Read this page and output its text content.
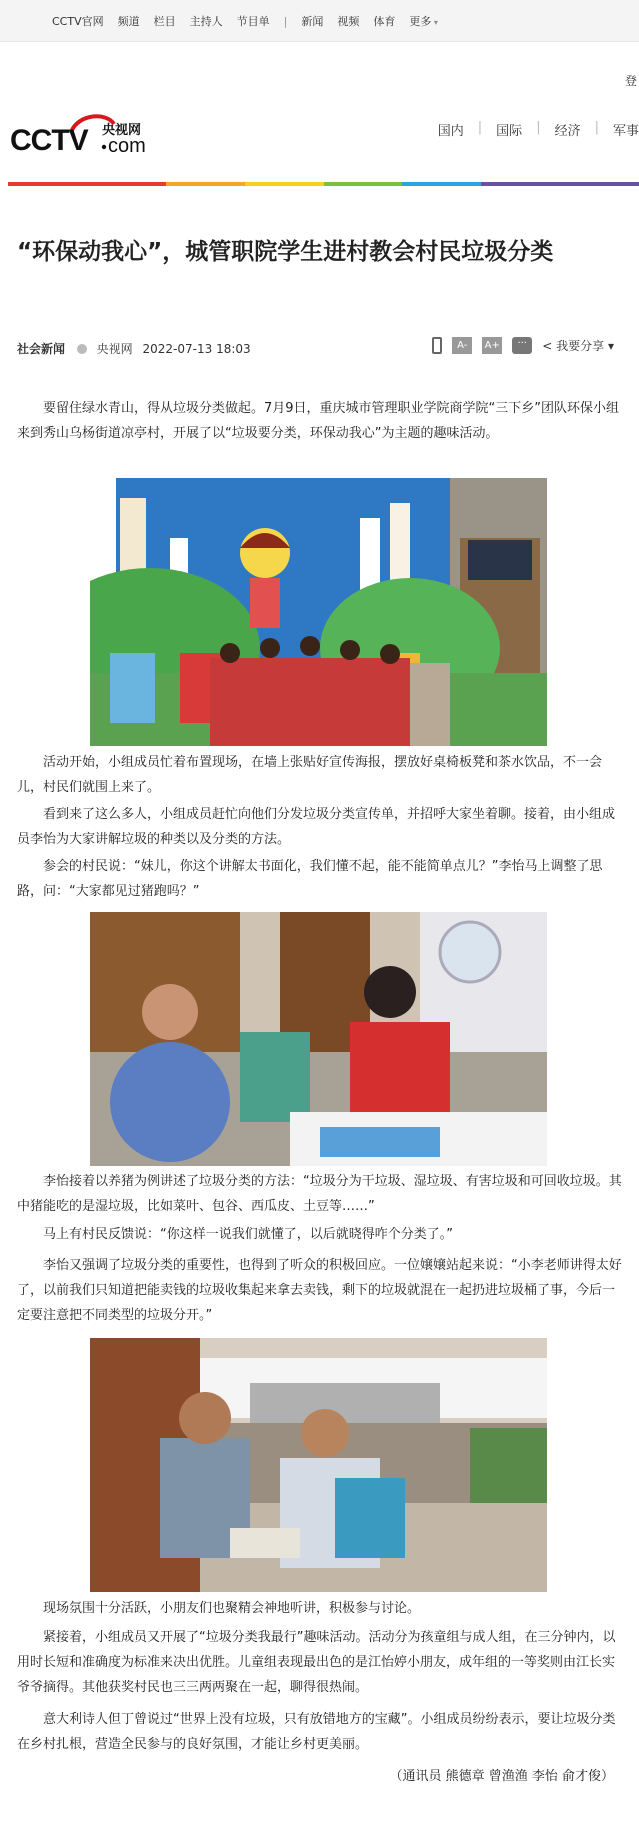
CCTV官网 频道 栏目 主持人 节目单 | 新闻 视频 体育 更多 ▾
登
CCTV 央视网
com
国内 | 国际 | 经济 | 军事
“环保动我心”，城管职院学生进村教会村民垃圾分类
社会新闻	央视网 2022-07-13 18:03	A-	A+	···	< 我要分享 ▾

要留住绿水青山，得从垃圾分类做起。7月9日，重庆城市管理职业学院商学院“三下乡”团队环保小组来到秀山乌杨街道凉亭村，开展了以“垃圾要分类，环保动我心”为主题的趣味活动。

活动开始，小组成员忙着布置现场，在墙上张贴好宣传海报，摆放好桌椅板凳和茶水饮品，不一会儿，村民们就围上来了。

看到来了这么多人，小组成员赶忙向他们分发垃圾分类宣传单，并招呼大家坐着聊。接着，由小组成员李怡为大家讲解垃圾的种类以及分类的方法。

参会的村民说：“妹儿，你这个讲解太书面化，我们懂不起，能不能简单点儿？”李怡马上调整了思路，问：“大家都见过猪跑吗？”

李怡接着以养猪为例讲述了垃圾分类的方法：“垃圾分为干垃圾、湿垃圾、有害垃圾和可回收垃圾。其中猪能吃的是湿垃圾，比如菜叶、包谷、西瓜皮、土豆等……”

马上有村民反馈说：“你这样一说我们就懂了，以后就晓得咋个分类了。”

李怡又强调了垃圾分类的重要性，也得到了听众的积极回应。一位嬢嬢站起来说：“小李老师讲得太好了，以前我们只知道把能卖钱的垃圾收集起来拿去卖钱，剩下的垃圾就混在一起扔进垃圾桶了事，今后一定要注意把不同类型的垃圾分开。”

现场氛围十分活跃，小朋友们也聚精会神地听讲，积极参与讨论。

紧接着，小组成员又开展了“垃圾分类我最行”趣味活动。活动分为孩童组与成人组，在三分钟内，以用时长短和准确度为标准来决出优胜。儿童组表现最出色的是江怡婷小朋友，成年组的一等奖则由江长实爷爷摘得。其他获奖村民也三三两两聚在一起，聊得很热闹。

意大利诗人但丁曾说过“世界上没有垃圾，只有放错地方的宝藏”。小组成员纷纷表示，要让垃圾分类在乡村扎根，营造全民参与的良好氛围，才能让乡村更美丽。

（通讯员 熊德章 曾渔渔 李怡 俞才俊）
